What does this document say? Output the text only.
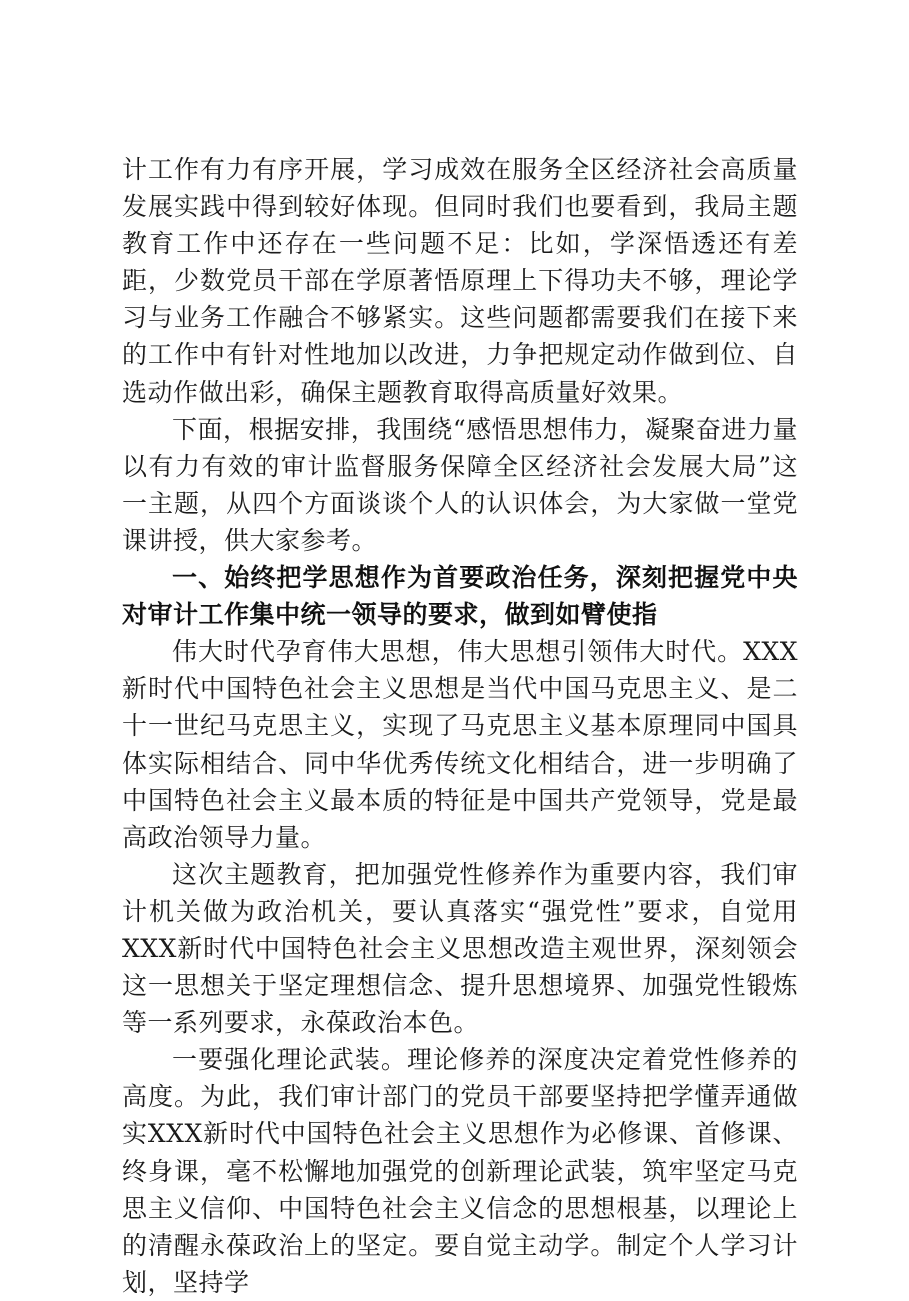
计工作有力有序开展，学习成效在服务全区经济社会高质量发展实践中得到较好体现。但同时我们也要看到，我局主题教育工作中还存在一些问题不足：比如，学深悟透还有差距，少数党员干部在学原著悟原理上下得功夫不够，理论学习与业务工作融合不够紧实。这些问题都需要我们在接下来的工作中有针对性地加以改进，力争把规定动作做到位、自选动作做出彩，确保主题教育取得高质量好效果。

下面，根据安排，我围绕“感悟思想伟力，凝聚奋进力量以有力有效的审计监督服务保障全区经济社会发展大局”这一主题，从四个方面谈谈个人的认识体会，为大家做一堂党课讲授，供大家参考。

一、始终把学思想作为首要政治任务，深刻把握党中央对审计工作集中统一领导的要求，做到如臂使指

伟大时代孕育伟大思想，伟大思想引领伟大时代。XXX新时代中国特色社会主义思想是当代中国马克思主义、是二十一世纪马克思主义，实现了马克思主义基本原理同中国具体实际相结合、同中华优秀传统文化相结合，进一步明确了中国特色社会主义最本质的特征是中国共产党领导，党是最高政治领导力量。

这次主题教育，把加强党性修养作为重要内容，我们审计机关做为政治机关，要认真落实“强党性”要求，自觉用XXX新时代中国特色社会主义思想改造主观世界，深刻领会这一思想关于坚定理想信念、提升思想境界、加强党性锻炼等一系列要求，永葆政治本色。

一要强化理论武装。理论修养的深度决定着党性修养的高度。为此，我们审计部门的党员干部要坚持把学懂弄通做实XXX新时代中国特色社会主义思想作为必修课、首修课、终身课，毫不松懈地加强党的创新理论武装，筑牢坚定马克思主义信仰、中国特色社会主义信念的思想根基，以理论上的清醒永葆政治上的坚定。要自觉主动学。制定个人学习计划，坚持学
